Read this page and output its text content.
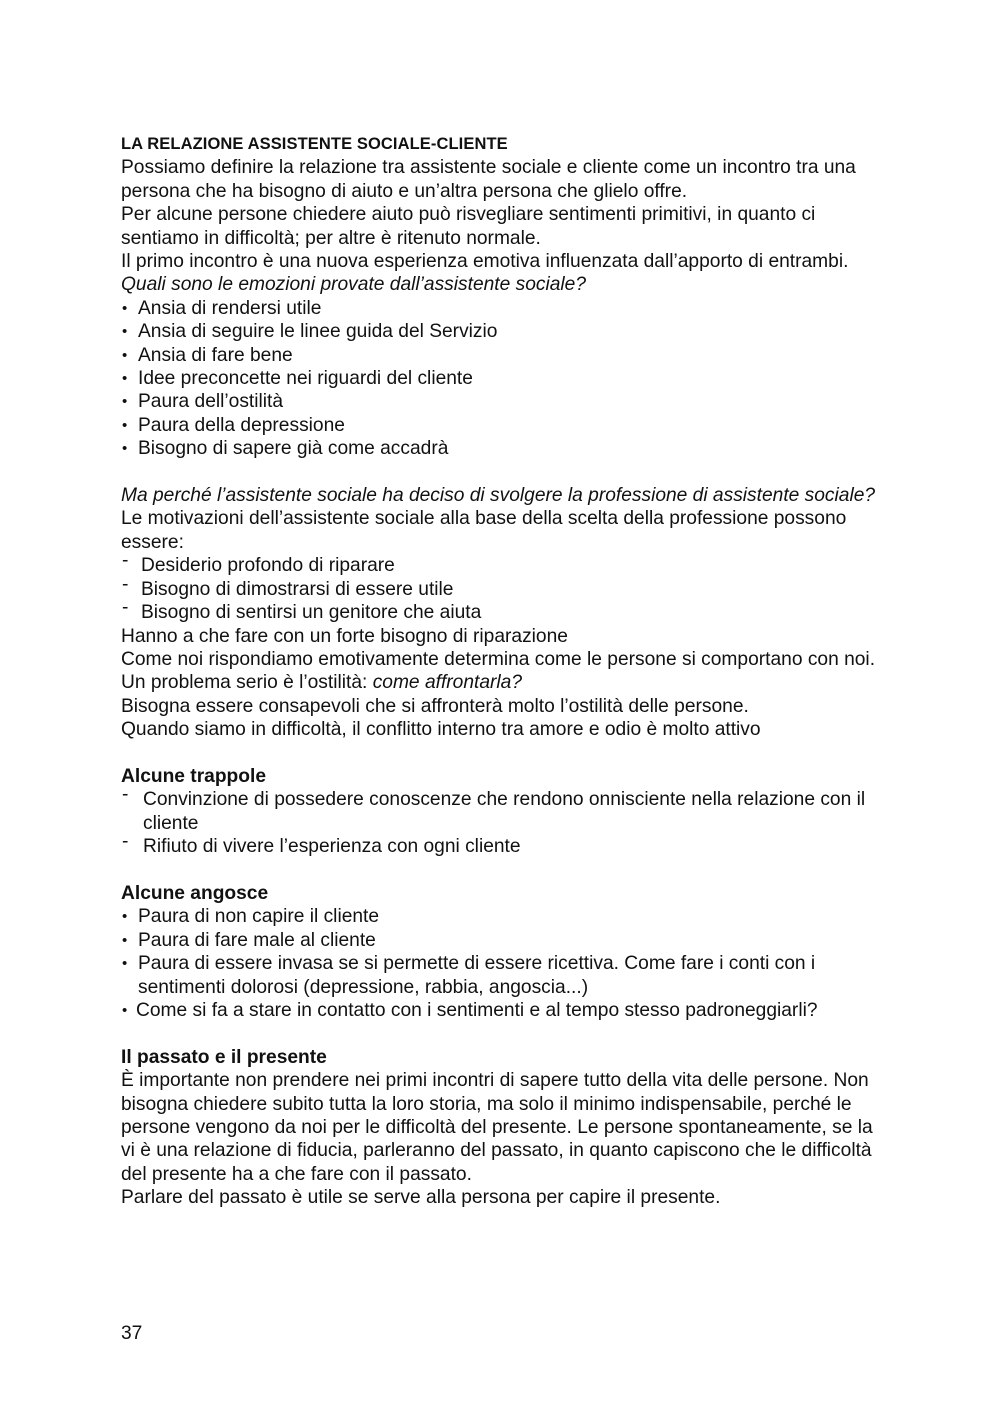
LA RELAZIONE ASSISTENTE SOCIALE-CLIENTE

Possiamo definire la relazione tra assistente sociale e cliente come un incontro tra una persona che ha bisogno di aiuto e un’altra persona che glielo offre.

Per alcune persone chiedere aiuto può risvegliare sentimenti primitivi, in quanto ci sentiamo in difficoltà; per altre è ritenuto normale.

Il primo incontro è una nuova esperienza emotiva influenzata dall’apporto di entrambi.

Quali sono le emozioni provate dall’assistente sociale?

• Ansia di rendersi utile
• Ansia di seguire le linee guida del Servizio
• Ansia di fare bene
• Idee preconcette nei riguardi del cliente
• Paura dell’ostilità
• Paura della depressione
• Bisogno di sapere già come accadrà

Ma perché l’assistente sociale ha deciso di svolgere la professione di assistente sociale?

Le motivazioni dell’assistente sociale alla base della scelta della professione possono essere:

- Desiderio profondo di riparare
- Bisogno di dimostrarsi di essere utile
- Bisogno di sentirsi un genitore che aiuta

Hanno a che fare con un forte bisogno di riparazione

Come noi rispondiamo emotivamente determina come le persone si comportano con noi.

Un problema serio è l’ostilità: come affrontarla?

Bisogna essere consapevoli che si affronterà molto l’ostilità delle persone.

Quando siamo in difficoltà, il conflitto interno tra amore e odio è molto attivo

Alcune trappole

- Convinzione di possedere conoscenze che rendono onnisciente nella relazione con il cliente
- Rifiuto di vivere l’esperienza con ogni cliente

Alcune angosce

• Paura di non capire il cliente
• Paura di fare male al cliente
• Paura di essere invasa se si permette di essere ricettiva. Come fare i conti con i sentimenti dolorosi (depressione, rabbia, angoscia...)
• Come si fa a stare in contatto con i sentimenti e al tempo stesso padroneggiarli?

Il passato e il presente

È importante non prendere nei primi incontri di sapere tutto della vita delle persone. Non bisogna chiedere subito tutta la loro storia, ma solo il minimo indispensabile, perché le persone vengono da noi per le difficoltà del presente. Le persone spontaneamente, se la vi è una relazione di fiducia, parleranno del passato, in quanto capiscono che le difficoltà del presente ha a che fare con il passato.

Parlare del passato è utile se serve alla persona per capire il presente.

37
